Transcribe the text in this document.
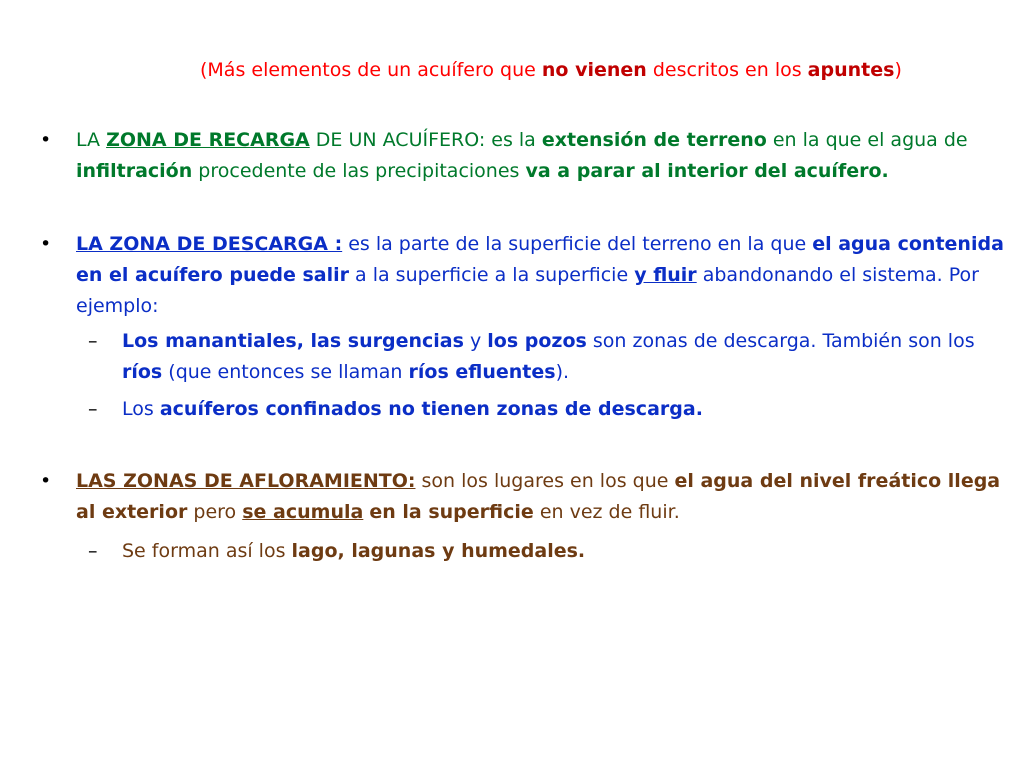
(Más elementos de un acuífero que no vienen descritos en los apuntes)
• LA ZONA DE RECARGA DE UN ACUÍFERO: es la extensión de terreno en la que el agua de infiltración procedente de las precipitaciones va a parar al interior del acuífero.
• LA ZONA DE DESCARGA : es la parte de la superficie del terreno en la que el agua contenida en el acuífero puede salir a la superficie a la superficie y fluir abandonando el sistema. Por ejemplo:
– Los manantiales, las surgencias y los pozos son zonas de descarga. También son los ríos (que entonces se llaman ríos efluentes).
– Los acuíferos confinados no tienen zonas de descarga.
• LAS ZONAS DE AFLORAMIENTO: son los lugares en los que el agua del nivel freático llega al exterior pero se acumula en la superficie en vez de fluir.
– Se forman así los lago, lagunas y humedales.
